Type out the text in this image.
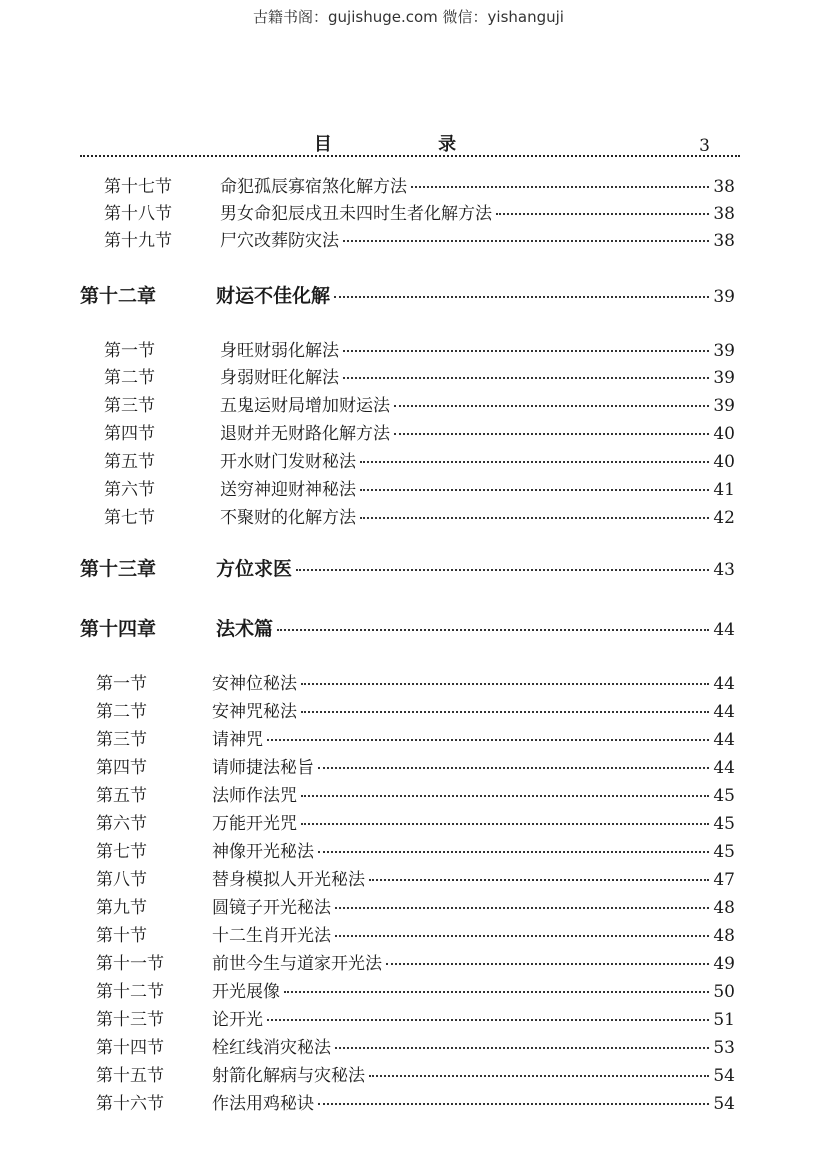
古籍书阁：gujishuge.com 微信：yishanguji
目 录	3
第十七节	命犯孤辰寡宿煞化解方法	38
第十八节	男女命犯辰戌丑未四时生者化解方法	38
第十九节	尸穴改葬防灾法	38
第十二章	财运不佳化解	39
第一节	身旺财弱化解法	39
第二节	身弱财旺化解法	39
第三节	五鬼运财局增加财运法	39
第四节	退财并无财路化解方法	40
第五节	开水财门发财秘法	40
第六节	送穷神迎财神秘法	41
第七节	不聚财的化解方法	42
第十三章	方位求医	43
第十四章	法术篇	44
第一节	安神位秘法	44
第二节	安神咒秘法	44
第三节	请神咒	44
第四节	请师捷法秘旨	44
第五节	法师作法咒	45
第六节	万能开光咒	45
第七节	神像开光秘法	45
第八节	替身模拟人开光秘法	47
第九节	圆镜子开光秘法	48
第十节	十二生肖开光法	48
第十一节	前世今生与道家开光法	49
第十二节	开光展像	50
第十三节	论开光	51
第十四节	栓红线消灾秘法	53
第十五节	射箭化解病与灾秘法	54
第十六节	作法用鸡秘诀	54
